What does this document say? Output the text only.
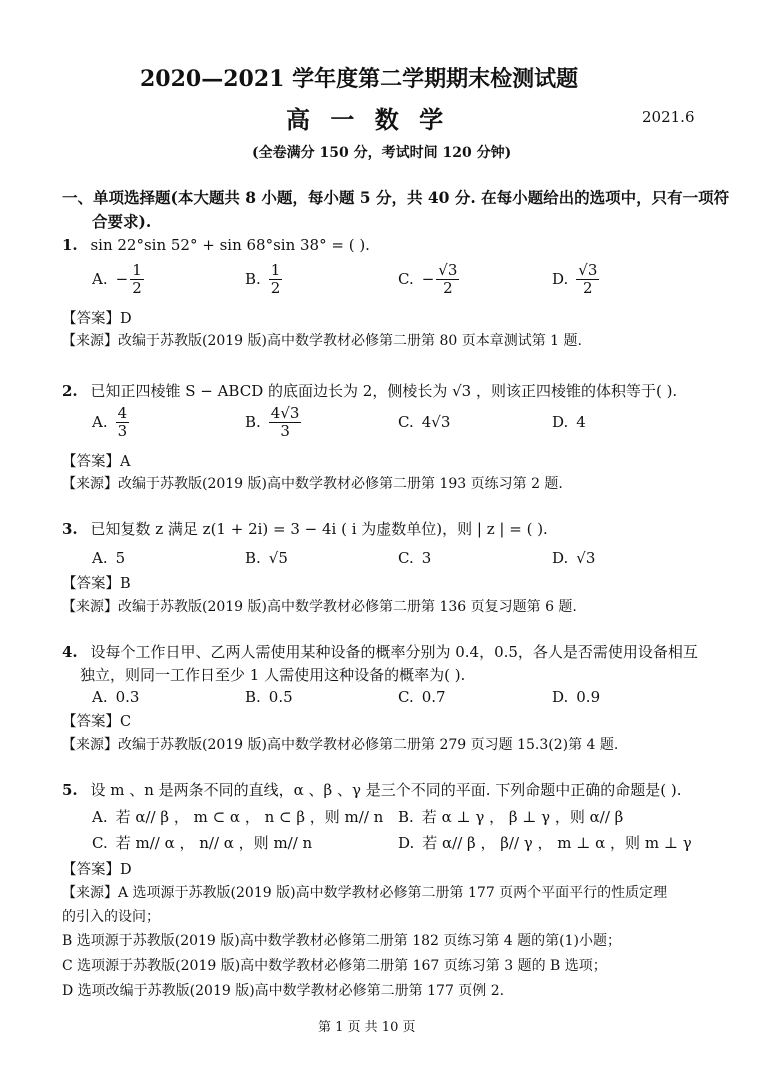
2020—2021 学年度第二学期期末检测试题
高 一 数 学	2021.6
(全卷满分 150 分，考试时间 120 分钟)
一、单项选择题(本大题共 8 小题，每小题 5 分，共 40 分. 在每小题给出的选项中，只有一项符
合要求).
1. sin 22°sin 52° + sin 68°sin 38° = ( ).
A. − $\frac{1}{2}$	B. $\frac{1}{2}$	C. − $\frac{√3}{2}$	D. $\frac{√3}{2}$
【答案】D
【来源】改编于苏教版(2019 版)高中数学教材必修第二册第 80 页本章测试第 1 题.
2. 已知正四棱锥 S − ABCD 的底面边长为 2，侧棱长为 √3 ，则该正四棱锥的体积等于( ).
A. $\frac{4}{3}$	B. $\frac{4√3}{3}$	C. 4√3	D. 4
【答案】A
【来源】改编于苏教版(2019 版)高中数学教材必修第二册第 193 页练习第 2 题.
3. 已知复数 z 满足 z(1 + 2i) = 3 − 4i ( i 为虚数单位)，则 | z | = ( ).
A. 5	B. √5	C. 3	D. √3
【答案】B
【来源】改编于苏教版(2019 版)高中数学教材必修第二册第 136 页复习题第 6 题.
4. 设每个工作日甲、乙两人需使用某种设备的概率分别为 0.4，0.5，各人是否需使用设备相互
独立，则同一工作日至少 1 人需使用这种设备的概率为( ).
A. 0.3	B. 0.5	C. 0.7	D. 0.9
【答案】C
【来源】改编于苏教版(2019 版)高中数学教材必修第二册第 279 页习题 15.3(2)第 4 题.
5. 设 m 、n 是两条不同的直线，α 、β 、γ 是三个不同的平面. 下列命题中正确的命题是( ).
A. 若 α// β ， m ⊂ α ， n ⊂ β ，则 m// n B. 若 α ⊥ γ ， β ⊥ γ ，则 α// β
C. 若 m// α ， n// α ，则 m// n	D. 若 α// β ， β// γ ， m ⊥ α ，则 m ⊥ γ
【答案】D
【来源】A 选项源于苏教版(2019 版)高中数学教材必修第二册第 177 页两个平面平行的性质定理
的引入的设问；
B 选项源于苏教版(2019 版)高中数学教材必修第二册第 182 页练习第 4 题的第(1)小题；
C 选项源于苏教版(2019 版)高中数学教材必修第二册第 167 页练习第 3 题的 B 选项；
D 选项改编于苏教版(2019 版)高中数学教材必修第二册第 177 页例 2.
第 1 页 共 10 页
